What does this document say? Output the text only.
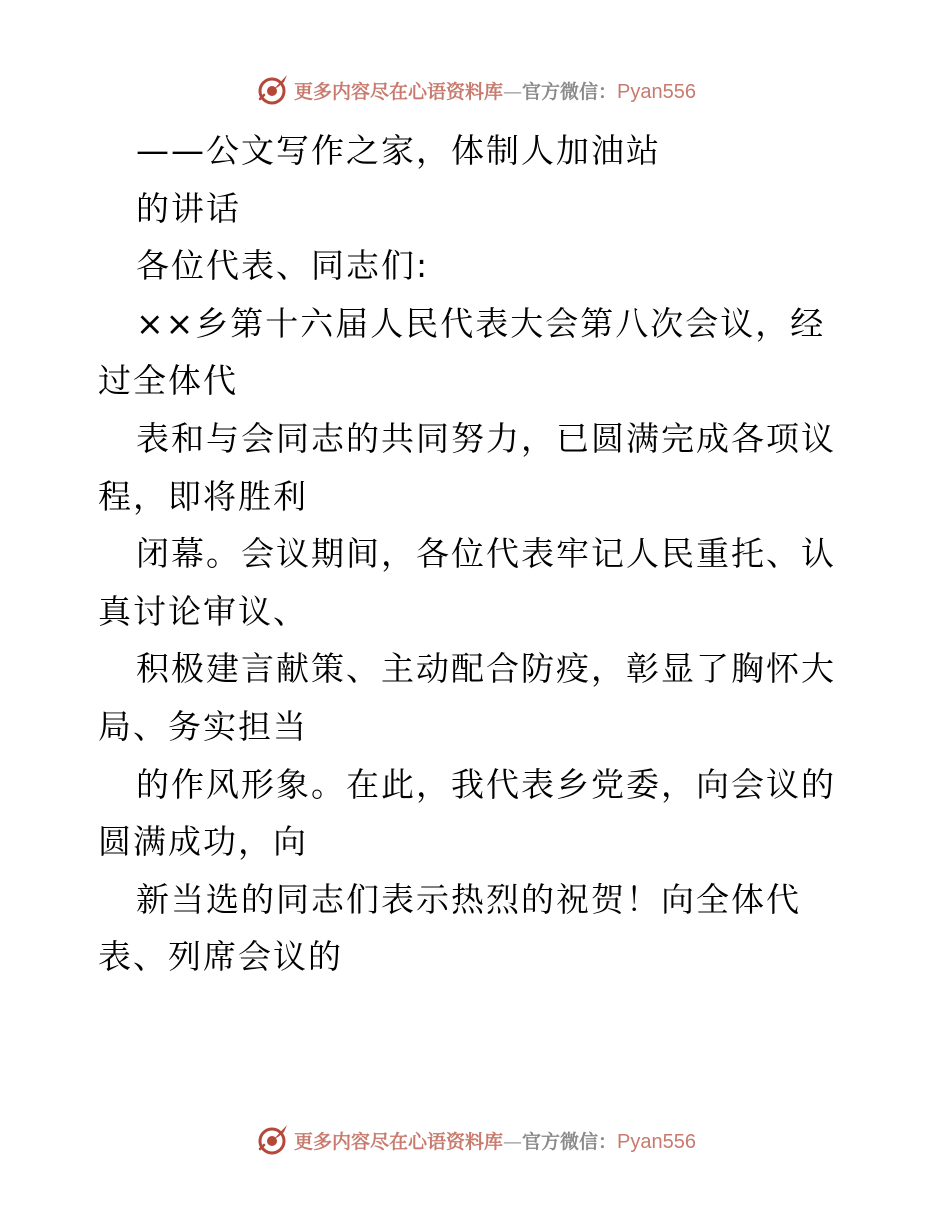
更多内容尽在心语资料库—官方微信：Pyan556

——公文写作之家，体制人加油站

的讲话

各位代表、同志们:

××乡第十六届人民代表大会第八次会议，经过全体代

表和与会同志的共同努力，已圆满完成各项议程，即将胜利

闭幕。会议期间，各位代表牢记人民重托、认真讨论审议、

积极建言献策、主动配合防疫，彰显了胸怀大局、务实担当

的作风形象。在此，我代表乡党委，向会议的圆满成功，向

新当选的同志们表示热烈的祝贺！向全体代表、列席会议的

更多内容尽在心语资料库—官方微信：Pyan556
